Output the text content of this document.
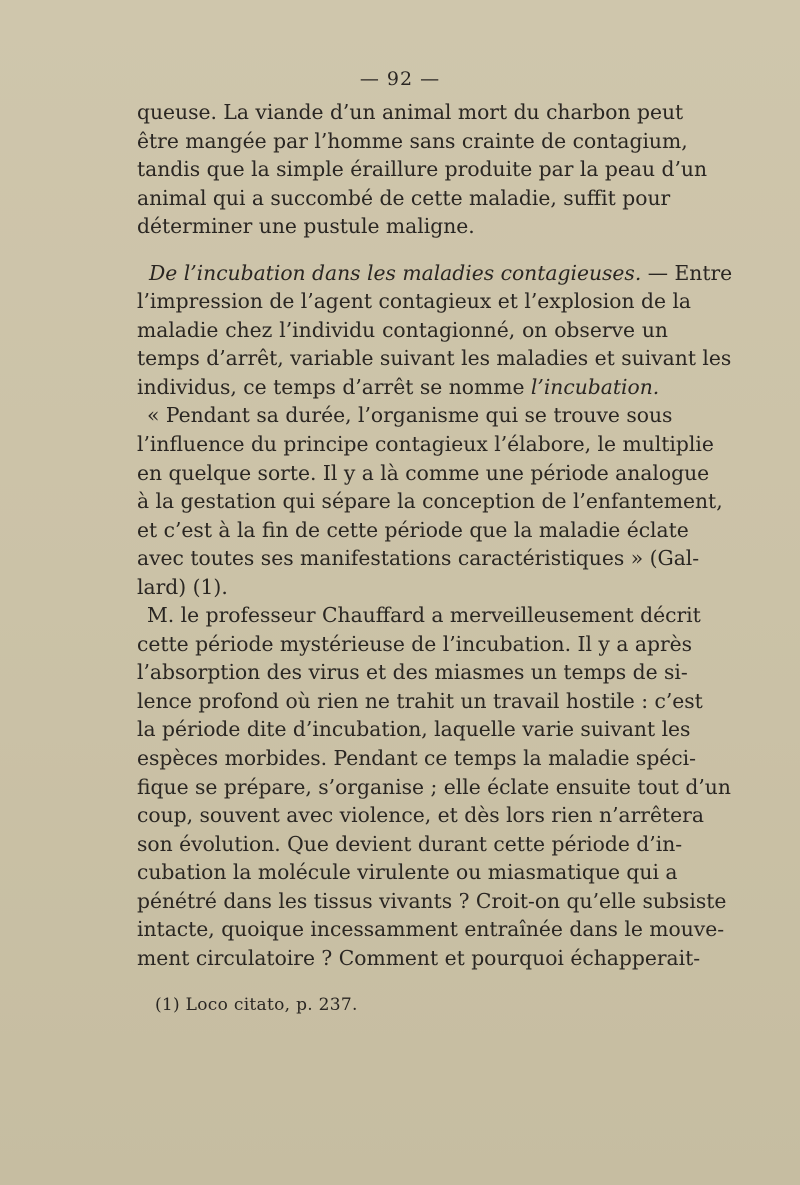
— 92 —
queuse. La viande d’un animal mort du charbon peut
être mangée par l’homme sans crainte de contagium,
tandis que la simple éraillure produite par la peau d’un
animal qui a succombé de cette maladie, suffit pour
déterminer une pustule maligne.
De l’incubation dans les maladies contagieuses. — Entre
l’impression de l’agent contagieux et l’explosion de la
maladie chez l’individu contagionné, on observe un
temps d’arrêt, variable suivant les maladies et suivant les
individus, ce temps d’arrêt se nomme l’incubation.
« Pendant sa durée, l’organisme qui se trouve sous
l’influence du principe contagieux l’élabore, le multiplie
en quelque sorte. Il y a là comme une période analogue
à la gestation qui sépare la conception de l’enfantement,
et c’est à la fin de cette période que la maladie éclate
avec toutes ses manifestations caractéristiques » (Gal-
lard) (1).
M. le professeur Chauffard a merveilleusement décrit
cette période mystérieuse de l’incubation. Il y a après
l’absorption des virus et des miasmes un temps de si-
lence profond où rien ne trahit un travail hostile : c’est
la période dite d’incubation, laquelle varie suivant les
espèces morbides. Pendant ce temps la maladie spéci-
fique se prépare, s’organise ; elle éclate ensuite tout d’un
coup, souvent avec violence, et dès lors rien n’arrêtera
son évolution. Que devient durant cette période d’in-
cubation la molécule virulente ou miasmatique qui a
pénétré dans les tissus vivants ? Croit-on qu’elle subsiste
intacte, quoique incessamment entraînée dans le mouve-
ment circulatoire ? Comment et pourquoi échapperait-
(1) Loco citato, p. 237.
